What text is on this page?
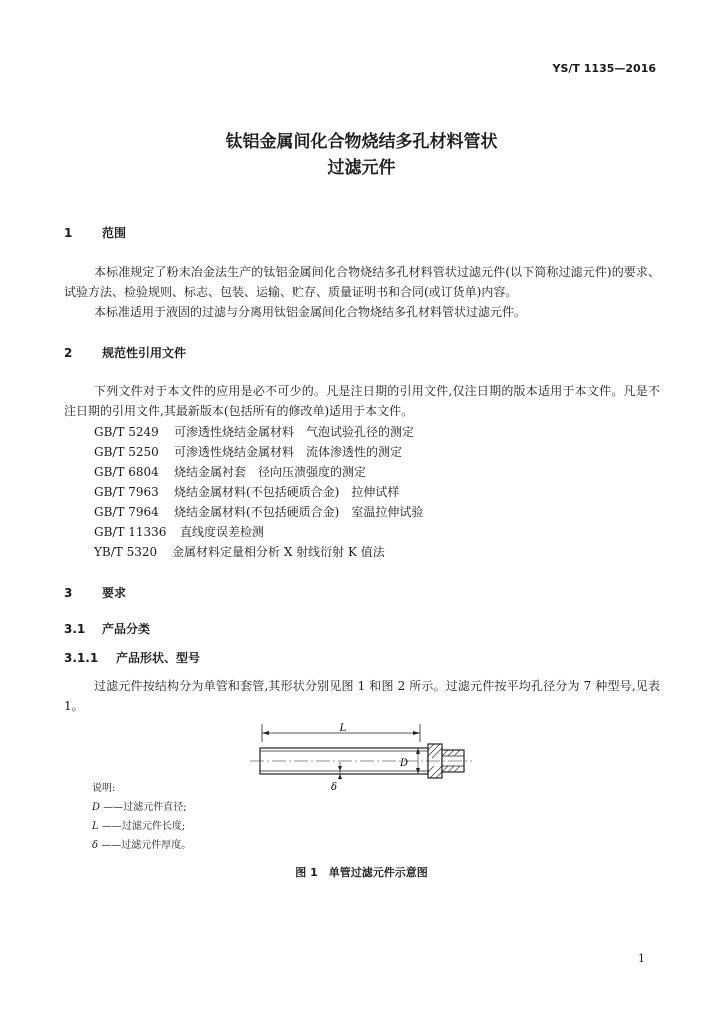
YS/T 1135—2016
钛铝金属间化合物烧结多孔材料管状
过滤元件
1 范围
本标准规定了粉末冶金法生产的钛铝金属间化合物烧结多孔材料管状过滤元件(以下简称过滤元件)的要求、试验方法、检验规则、标志、包装、运输、贮存、质量证明书和合同(或订货单)内容。
本标准适用于液固的过滤与分离用钛铝金属间化合物烧结多孔材料管状过滤元件。
2 规范性引用文件
下列文件对于本文件的应用是必不可少的。凡是注日期的引用文件,仅注日期的版本适用于本文件。凡是不注日期的引用文件,其最新版本(包括所有的修改单)适用于本文件。
GB/T 5249 可渗透性烧结金属材料　气泡试验孔径的测定
GB/T 5250 可渗透性烧结金属材料　流体渗透性的测定
GB/T 6804 烧结金属衬套　径向压溃强度的测定
GB/T 7963 烧结金属材料(不包括硬质合金)　拉伸试样
GB/T 7964 烧结金属材料(不包括硬质合金)　室温拉伸试验
GB/T 11336 直线度误差检测
YB/T 5320 金属材料定量相分析 X 射线衍射 K 值法
3 要求
3.1 产品分类
3.1.1 产品形状、型号
过滤元件按结构分为单管和套管,其形状分别见图 1 和图 2 所示。过滤元件按平均孔径分为 7 种型号,见表 1。
L
D
δ
说明:
D ——过滤元件直径;
L ——过滤元件长度;
δ ——过滤元件厚度。
图 1　单管过滤元件示意图
1
